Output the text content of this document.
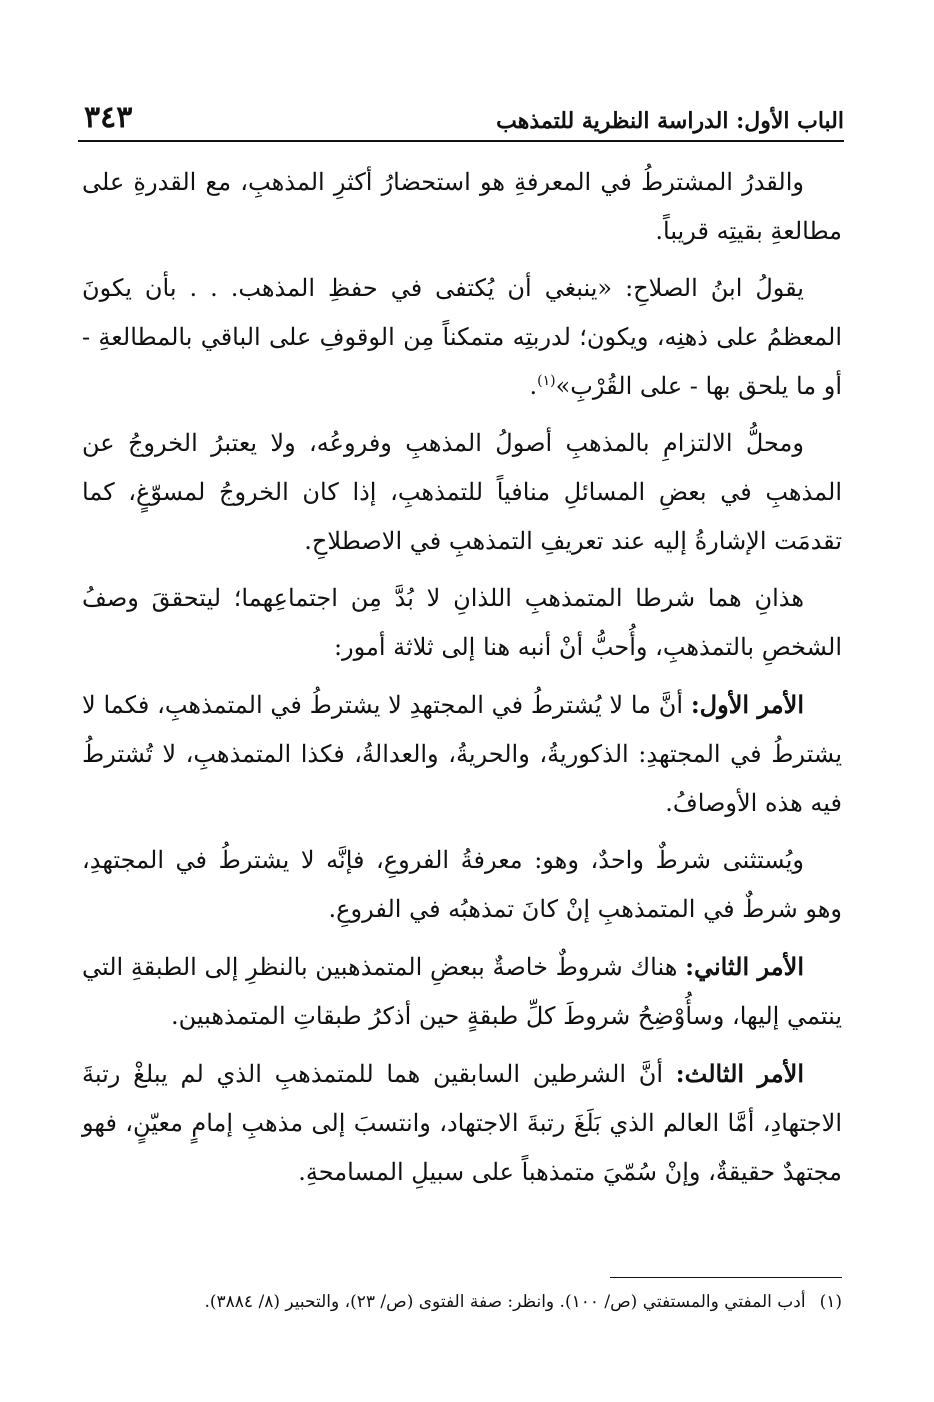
الباب الأول: الدراسة النظرية للتمذهب
٣٤٣

والقدرُ المشترطُ في المعرفةِ هو استحضارُ أكثرِ المذهبِ، مع القدرةِ على مطالعةِ بقيتِه قريباً.

يقولُ ابنُ الصلاحِ: «ينبغي أن يُكتفى في حفظِ المذهب. . . بأن يكونَ المعظمُ على ذهنِه، ويكون؛ لدربتِه متمكناً مِن الوقوفِ على الباقي بالمطالعةِ - أو ما يلحق بها - على القُرْبِ»$^{(١)}$.

ومحلُّ الالتزامِ بالمذهبِ أصولُ المذهبِ وفروعُه، ولا يعتبرُ الخروجُ عن المذهبِ في بعضِ المسائلِ منافياً للتمذهبِ، إذا كان الخروجُ لمسوّغٍ، كما تقدمَت الإشارةُ إليه عند تعريفِ التمذهبِ في الاصطلاحِ.

هذانِ هما شرطا المتمذهبِ اللذانِ لا بُدَّ مِن اجتماعِهما؛ ليتحققَ وصفُ الشخصِ بالتمذهبِ، وأُحبُّ أنْ أنبه هنا إلى ثلاثة أمور:

الأمر الأول: أنَّ ما لا يُشترطُ في المجتهدِ لا يشترطُ في المتمذهبِ، فكما لا يشترطُ في المجتهدِ: الذكوريةُ، والحريةُ، والعدالةُ، فكذا المتمذهبِ، لا تُشترطُ فيه هذه الأوصافُ.

ويُستثنى شرطٌ واحدٌ، وهو: معرفةُ الفروعِ، فإنَّه لا يشترطُ في المجتهدِ، وهو شرطٌ في المتمذهبِ إنْ كانَ تمذهبُه في الفروعِ.

الأمر الثاني: هناك شروطٌ خاصةٌ ببعضِ المتمذهبين بالنظرِ إلى الطبقةِ التي ينتمي إليها، وسأُوْضِحُ شروطَ كلِّ طبقةٍ حين أذكرُ طبقاتِ المتمذهبين.

الأمر الثالث: أنَّ الشرطين السابقين هما للمتمذهبِ الذي لم يبلغْ رتبةَ الاجتهادِ، أمَّا العالم الذي بَلَغَ رتبةَ الاجتهاد، وانتسبَ إلى مذهبِ إمامٍ معيّنٍ، فهو مجتهدٌ حقيقةٌ، وإنْ سُمّيَ متمذهباً على سبيلِ المسامحةِ.

(١)أدب المفتي والمستفتي (ص/ ١٠٠). وانظر: صفة الفتوى (ص/ ٢٣)، والتحبير (٨/ ٣٨٨٤).
